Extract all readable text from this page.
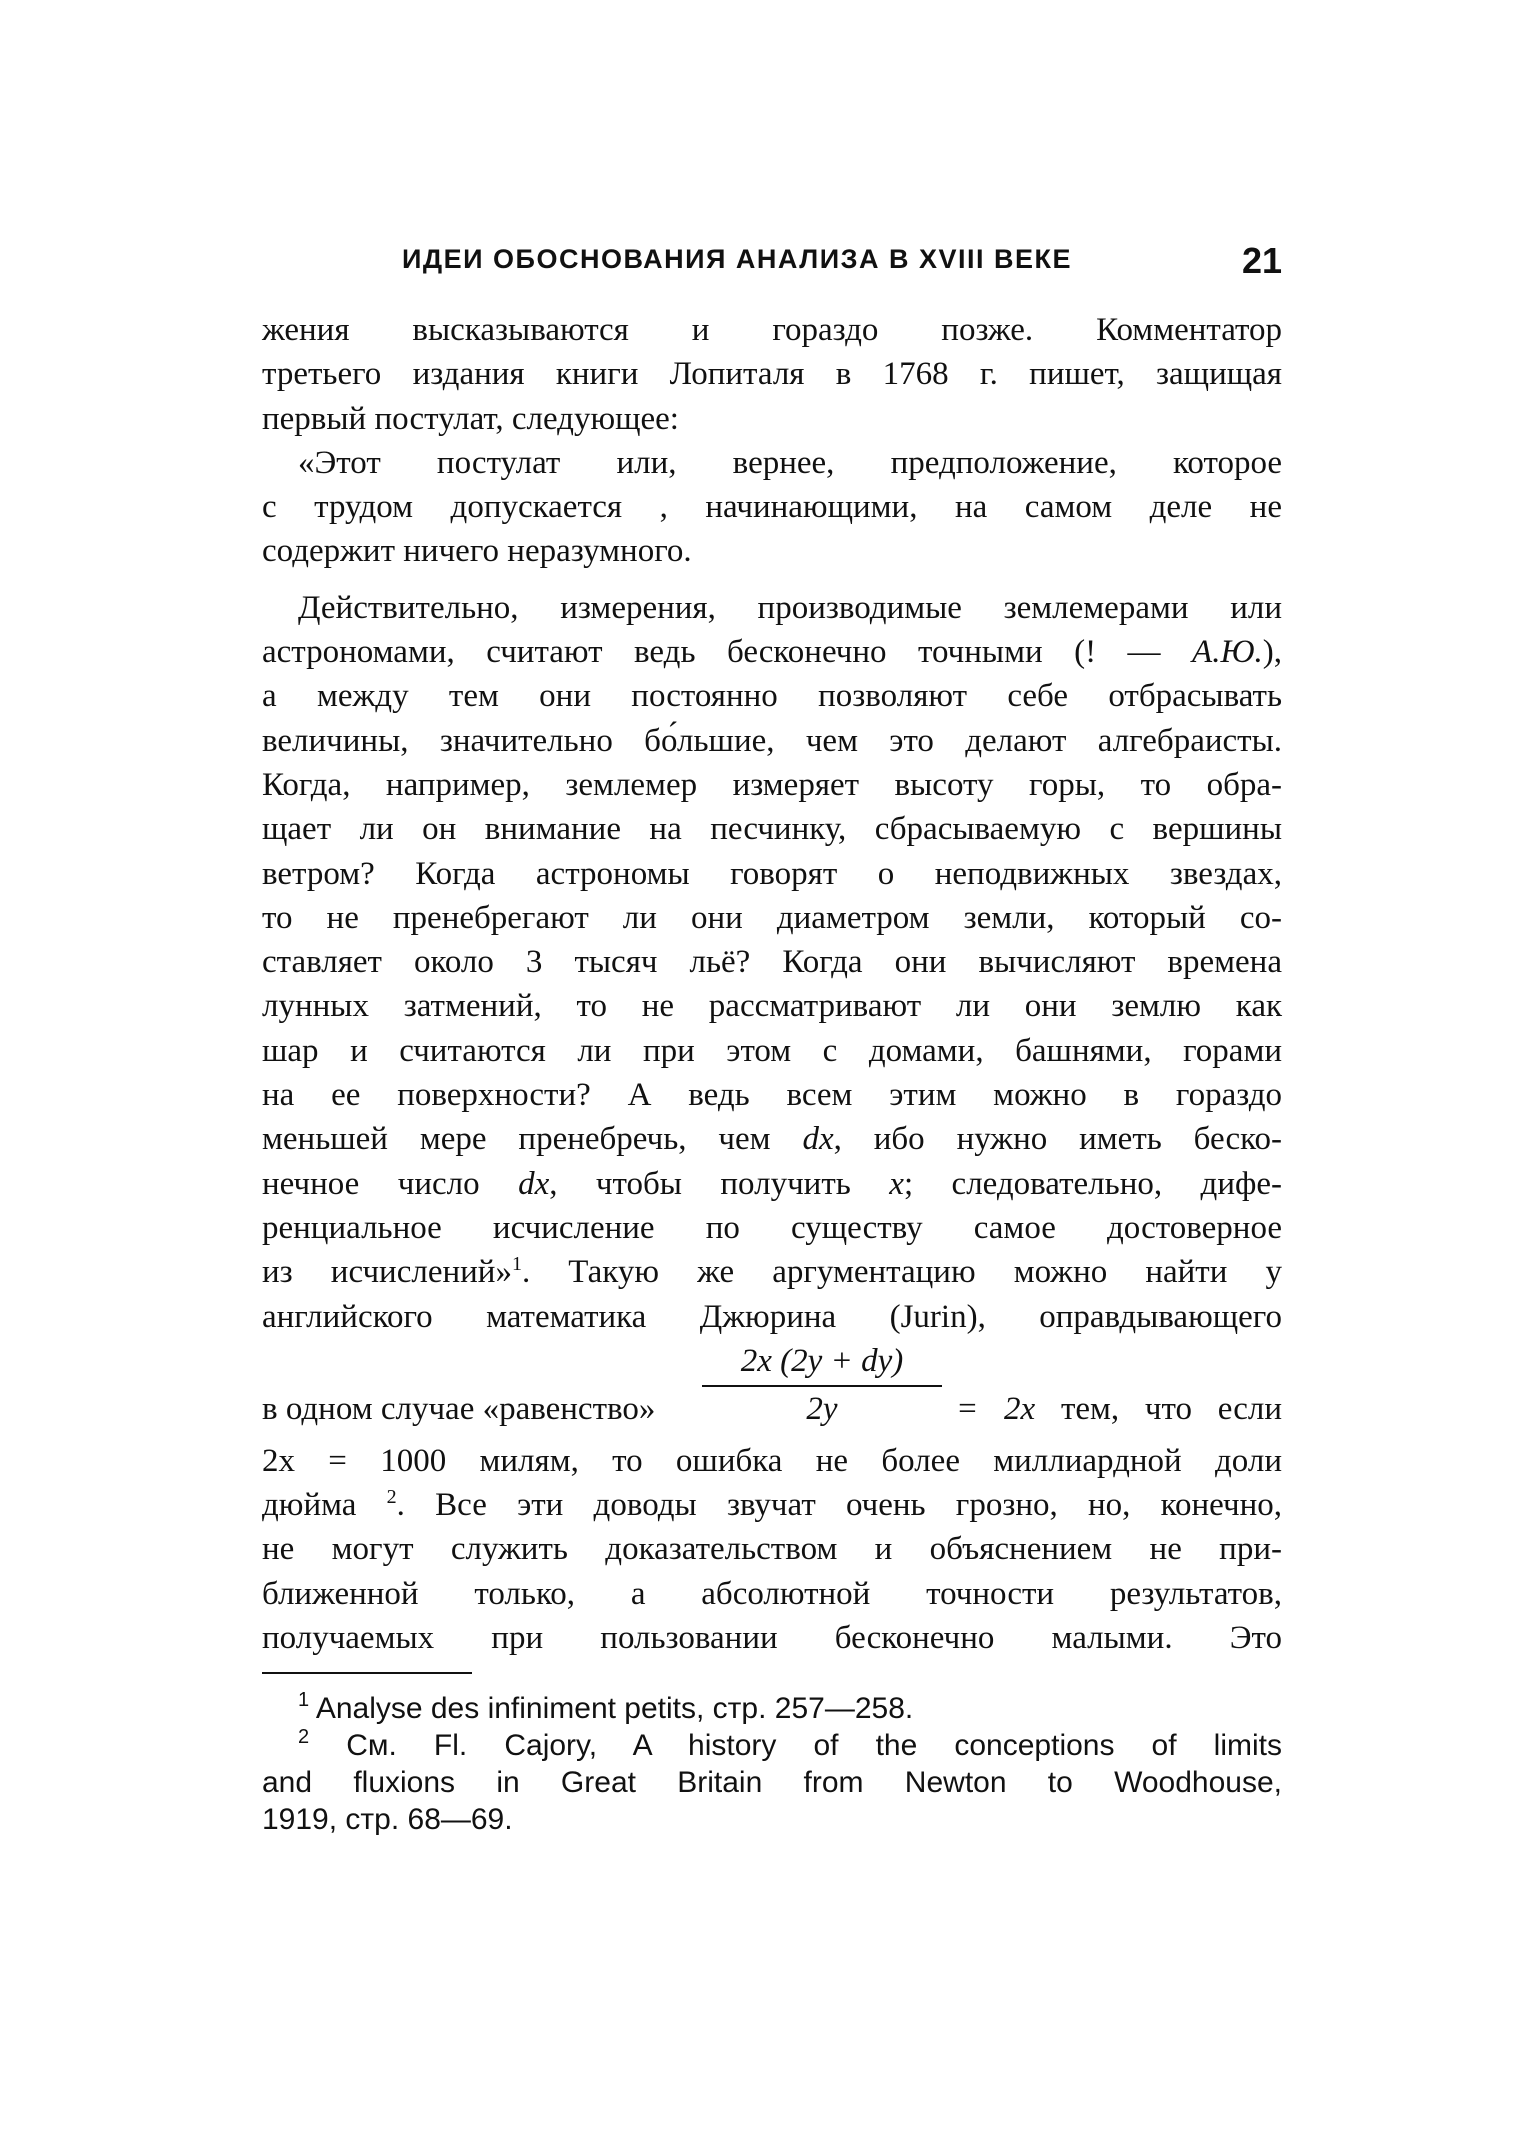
ИДЕИ ОБОСНОВАНИЯ АНАЛИЗА В XVIII ВЕКЕ	21
жения высказываются и гораздо позже. Комментатор
третьего издания книги Лопиталя в 1768 г. пишет, защищая
первый постулат, следующее:
«Этот постулат или, вернее, предположение, которое
с трудом допускается , начинающими, на самом деле не
содержит ничего неразумного.
Действительно, измерения, производимые землемерами или
астрономами, считают ведь бесконечно точными (! — А.Ю.),
а между тем они постоянно позволяют себе отбрасывать
величины, значительно бо́льшие, чем это делают алгебраисты.
Когда, например, землемер измеряет высоту горы, то обра-
щает ли он внимание на песчинку, сбрасываемую с вершины
ветром? Когда астрономы говорят о неподвижных звездах,
то не пренебрегают ли они диаметром земли, который со-
ставляет около 3 тысяч льё? Когда они вычисляют времена
лунных затмений, то не рассматривают ли они землю как
шар и считаются ли при этом с домами, башнями, горами
на ее поверхности? А ведь всем этим можно в гораздо
меньшей мере пренебречь, чем dx, ибо нужно иметь беско-
нечное число dx, чтобы получить x; следовательно, дифе-
ренциальное исчисление по существу самое достоверное
из исчислений»$^1$. Такую же аргументацию можно найти у
английского математика Джюрина (Jurin), оправдывающего
в одном случае «равенство»
2x (2y + dy)
2y	= 2x тем, что если
2x = 1000 милям, то ошибка не более миллиардной доли
дюйма $^2$. Все эти доводы звучат очень грозно, но, конечно,
не могут служить доказательством и объяснением не при-
ближенной только, а абсолютной точности результатов,
получаемых при пользовании бесконечно малыми. Это
$^1$ Analyse des infiniment petits, стр. 257—258.
$^2$ См. Fl. Cajory, A history of the conceptions of limits
and fluxions in Great Britain from Newton to Woodhouse,
1919, стр. 68—69.
